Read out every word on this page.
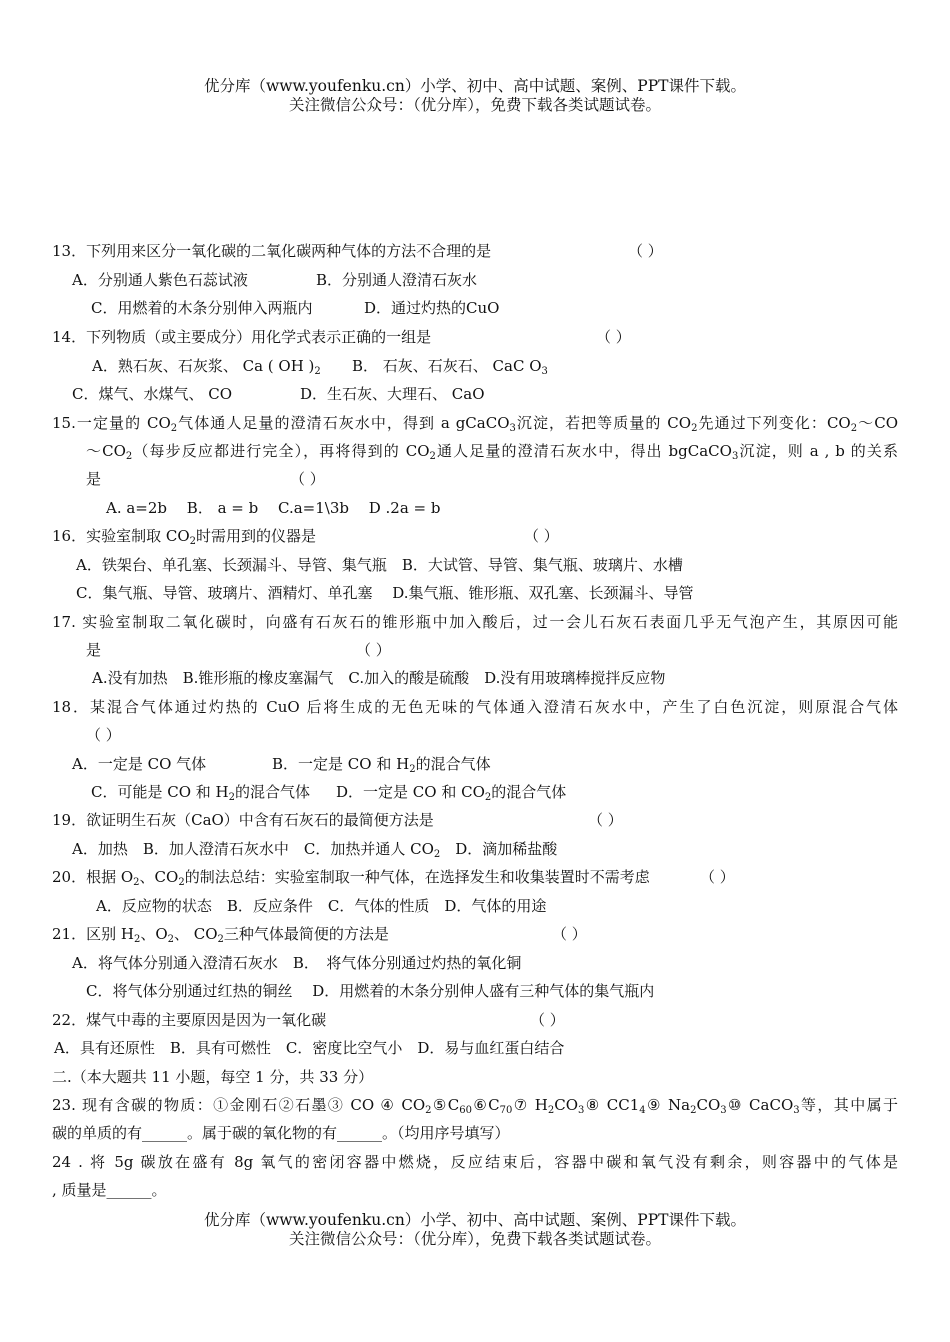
优分库（www.youfenku.cn）小学、初中、高中试题、案例、PPT课件下载。
关注微信公众号：（优分库），免费下载各类试题试卷。
13．下列用来区分一氧化碳的二氧化碳两种气体的方法不合理的是	（ ）
A．分别通人紫色石蕊试液	B．分别通人澄清石灰水
C．用燃着的木条分别伸入两瓶内	D．通过灼热的CuO
14．下列物质（或主要成分）用化学式表示正确的一组是	（ ）
A．熟石灰、石灰浆、 Ca ( OH )$_2$ B． 石灰、石灰石、 CaC $O_3$
C．煤气、水煤气、 CO	D．生石灰、大理石、 CaO
15.一定量的 $CO_2$气体通人足量的澄清石灰水中，得到 a gCaCO$_3$沉淀，若把等质量的 $CO_2$先通过下列变化：$CO_2\sim CO$
$\sim CO_2$（每步反应都进行完全），再将得到的 $CO_2$通人足量的澄清石灰水中，得出 bgCaCO$_3$沉淀，则 a , b 的关系
是	（ ）
A. a=2b　 B． a = b　 C.a=1\3b　 D .2a = b
16．实验室制取 $CO_2$时需用到的仪器是	（ ）
A．铁架台、单孔塞、长颈漏斗、导管、集气瓶　B．大试管、导管、集气瓶、玻璃片、水槽
C．集气瓶、导管、玻璃片、酒精灯、单孔塞　 D.集气瓶、锥形瓶、双孔塞、长颈漏斗、导管
17. 实验室制取二氧化碳时，向盛有石灰石的锥形瓶中加入酸后，过一会儿石灰石表面几乎无气泡产生，其原因可能
是	（ ）
A.没有加热　B.锥形瓶的橡皮塞漏气　C.加入的酸是硫酸　D.没有用玻璃棒搅拌反应物
18．某混合气体通过灼热的 CuO 后将生成的无色无味的气体通入澄清石灰水中，产生了白色沉淀，则原混合气体
（ ）
A．一定是 CO 气体	B．一定是 CO 和 $H_2$的混合气体
C．可能是 CO 和 $H_2$的混合气体 D．一定是 CO 和 $CO_2$的混合气体
19．欲证明生石灰（CaO）中含有石灰石的最简便方法是	（ ）
A．加热　B．加人澄清石灰水中　C．加热并通人 $CO_2$　 D．滴加稀盐酸
20．根据 $O_2$、$CO_2$的制法总结：实验室制取一种气体，在选择发生和收集装置时不需考虑	（ ）
A．反应物的状态　B．反应条件　C．气体的性质　D．气体的用途
21．区别 $H_2$、$O_2$、 $CO_2$三种气体最简便的方法是	（ ）
A．将气体分别通入澄清石灰水　B．　将气体分别通过灼热的氧化铜
C．将气体分别通过红热的铜丝　 D．用燃着的木条分别伸人盛有三种气体的集气瓶内
22．煤气中毒的主要原因是因为一氧化碳	（ ）
A．具有还原性　B．具有可燃性　C．密度比空气小　D．易与血红蛋白结合
二.（本大题共 11 小题，每空 1 分，共 33 分）
23. 现有含碳的物质：①金刚石②石墨③ CO ④ $CO_2⑤C_{60}⑥C_{70}⑦$ $H_2CO_3⑧$ $CC1_4⑨$ $Na_2CO_3⑩$ CaCO$_3$等，其中属于
碳的单质的有______。属于碳的氧化物的有______。（均用序号填写）
24 . 将 5g 碳放在盛有 8g 氧气的密闭容器中燃烧，反应结束后，容器中碳和氧气没有剩余，则容器中的气体是
, 质量是______。
优分库（www.youfenku.cn）小学、初中、高中试题、案例、PPT课件下载。
关注微信公众号：（优分库），免费下载各类试题试卷。
